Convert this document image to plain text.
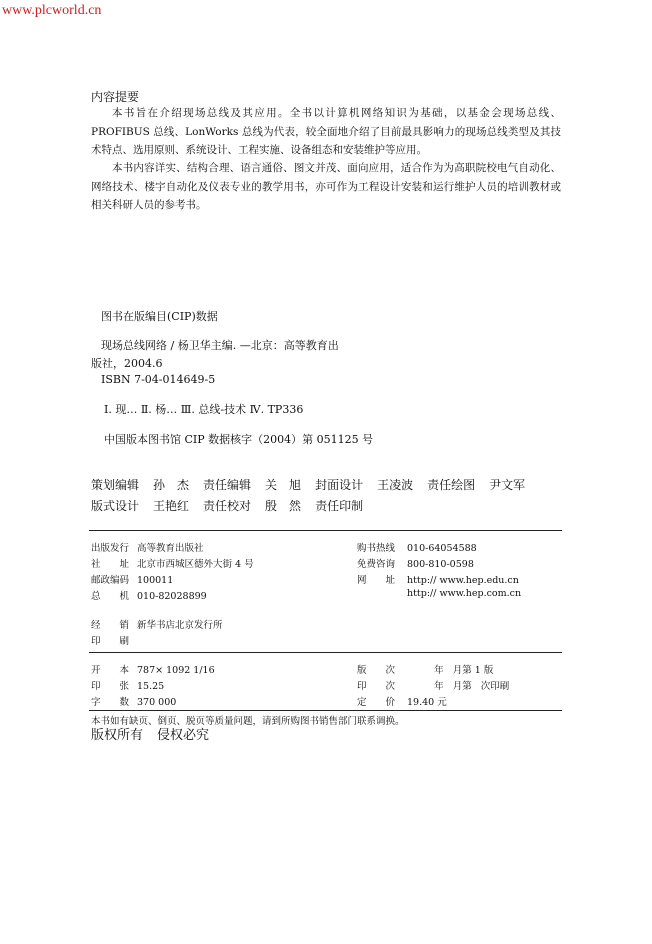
www.plcworld.cn
内容提要
本书旨在介绍现场总线及其应用。全书以计算机网络知识为基础，以基金会现场总线、PROFIBUS 总线、LonWorks 总线为代表，较全面地介绍了目前最具影响力的现场总线类型及其技术特点、选用原则、系统设计、工程实施、设备组态和安装维护等应用。
本书内容详实、结构合理、语言通俗、图文并茂、面向应用，适合作为为高职院校电气自动化、网络技术、楼宇自动化及仪表专业的教学用书，亦可作为工程设计安装和运行维护人员的培训教材或相关科研人员的参考书。
图书在版编目(CIP)数据
现场总线网络 / 杨卫华主编. —北京：高等教育出
版社，2004.6
ISBN 7-04-014649-5
Ⅰ. 现… Ⅱ. 杨… Ⅲ. 总线-技术 Ⅳ. TP336
中国版本图书馆 CIP 数据核字（2004）第 051125 号
策划编辑 孙　杰 责任编辑 关　旭 封面设计 王凌波 责任绘图 尹文军
版式设计 王艳红 责任校对 殷　然 责任印制
出版发行 高等教育出版社
社　　址 北京市西城区德外大街 4 号
邮政编码 100011
总　　机 010-82028899
购书热线 010-64054588
免费咨询 800-810-0598
网　　址 http:// www.hep.edu.cn
http:// www.hep.com.cn
经　　销 新华书店北京发行所
印　　刷
开　　本 787× 1092 1/16
印　　张 15.25
字　　数 370 000
版　　次         年   月第 1 版
印　　次         年   月第   次印刷
定　　价 19.40 元
本书如有缺页、倒页、脱页等质量问题，请到所购图书销售部门联系调换。
版权所有 侵权必究
